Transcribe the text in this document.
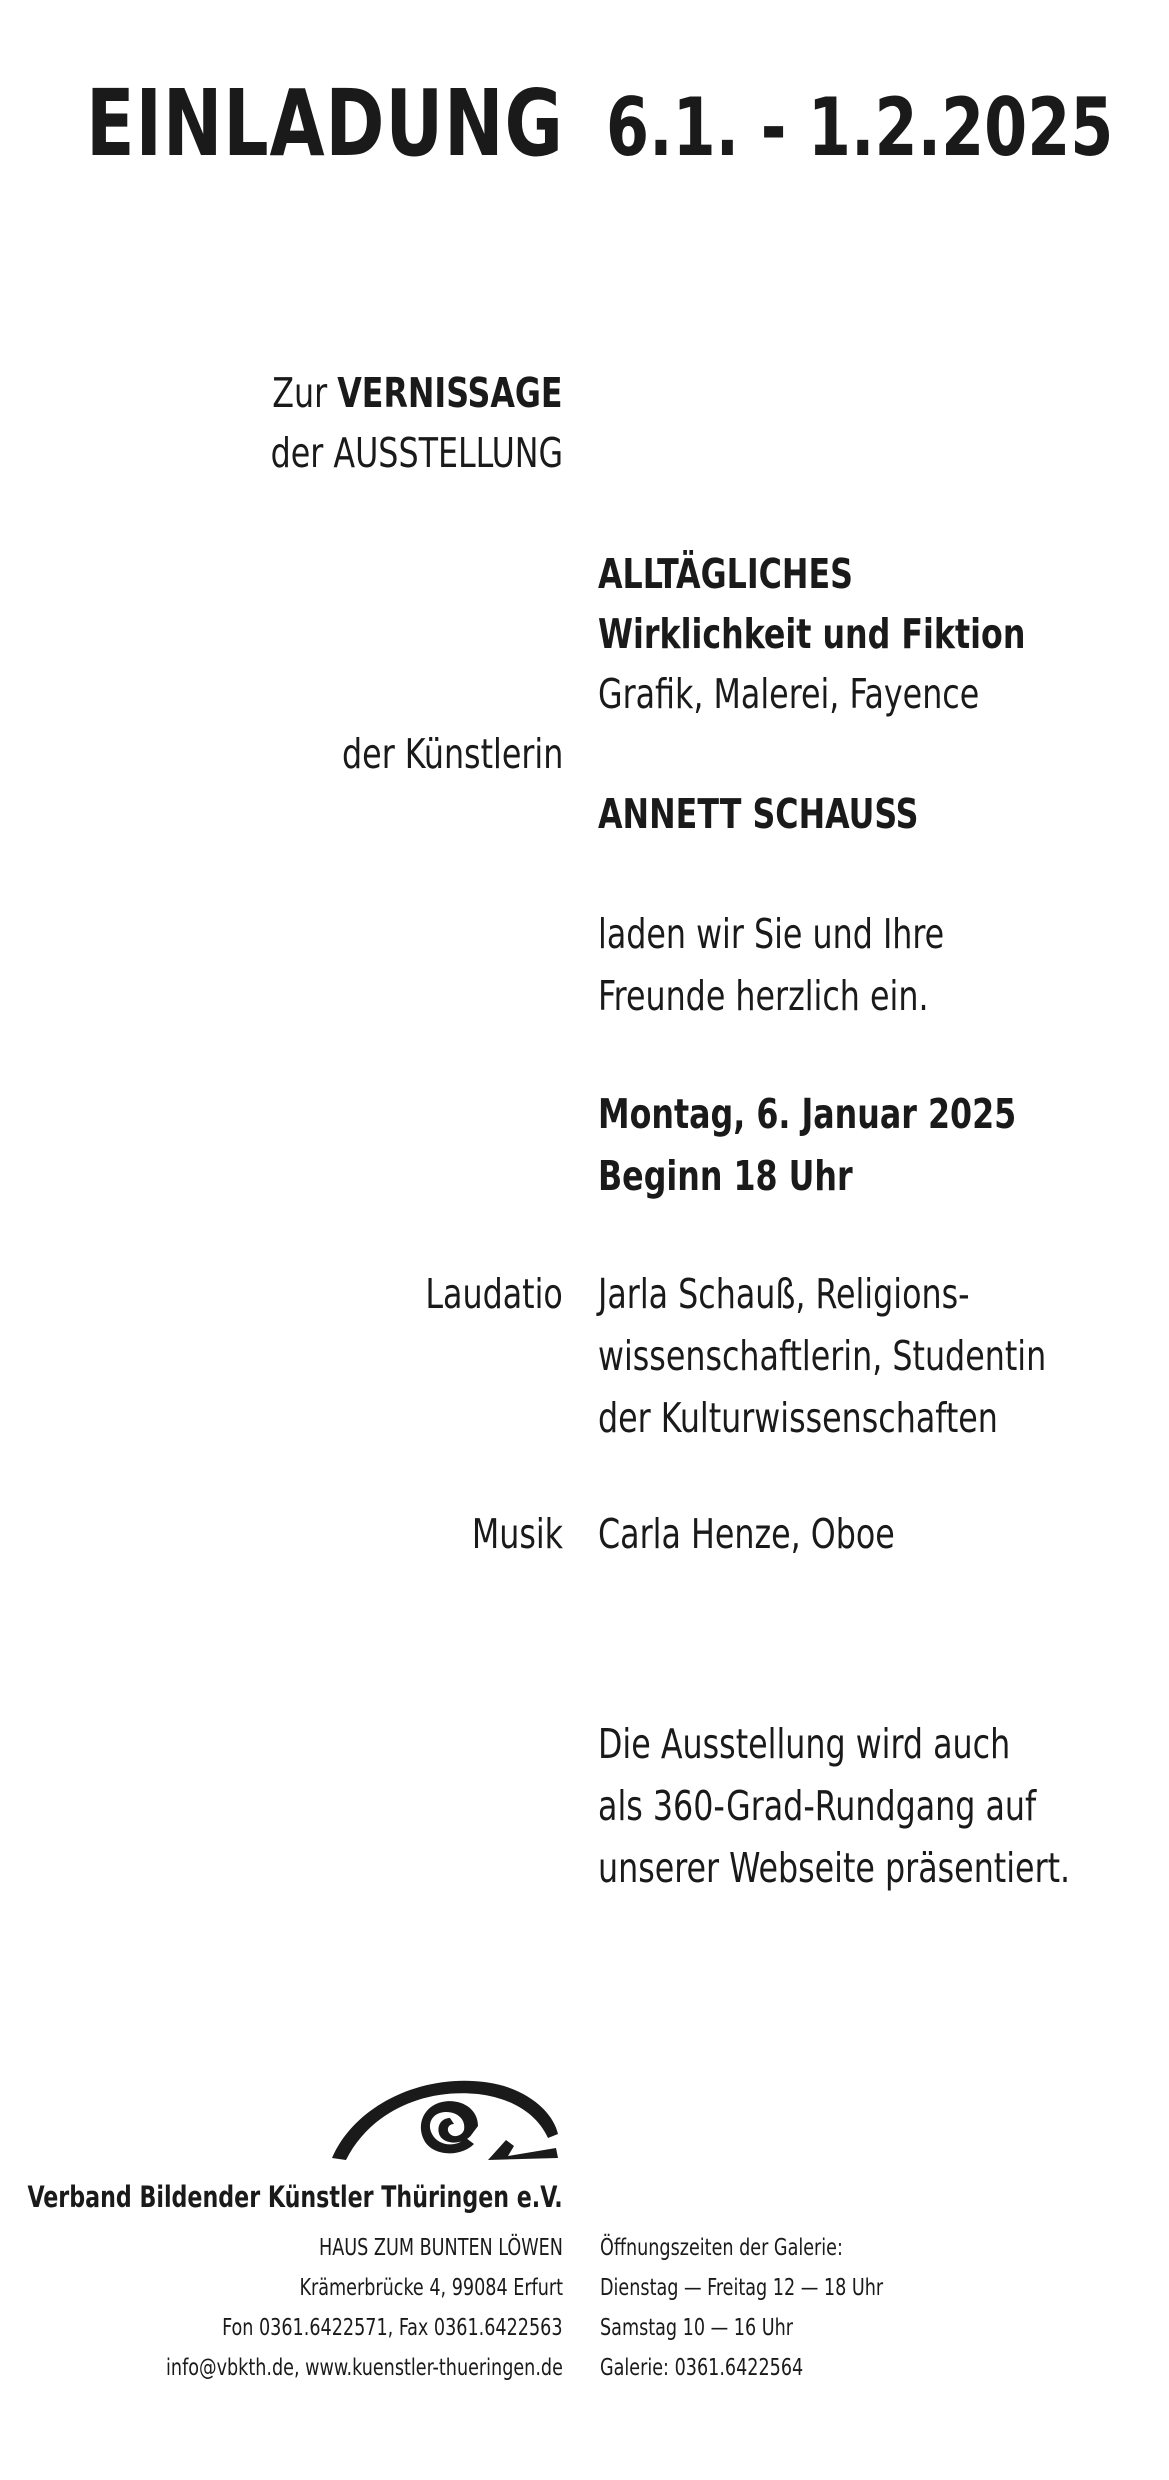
EINLADUNG 6.1. - 1.2.2025
Zur VERNISSAGE
der AUSSTELLUNG
ALLTÄGLICHES
Wirklichkeit und Fiktion
Grafik, Malerei, Fayence
der Künstlerin
ANNETT SCHAUSS
laden wir Sie und Ihre
Freunde herzlich ein.
Montag, 6. Januar 2025
Beginn 18 Uhr
Laudatio Jarla Schauß, Religions-
wissenschaftlerin, Studentin
der Kulturwissenschaften
Musik Carla Henze, Oboe
Die Ausstellung wird auch
als 360-Grad-Rundgang auf
unserer Webseite präsentiert.
Verband Bildender Künstler Thüringen e.V.
HAUS ZUM BUNTEN LÖWEN
Krämerbrücke 4, 99084 Erfurt
Fon 0361.6422571, Fax 0361.6422563
info@vbkth.de, www.kuenstler-thueringen.de
Öffnungszeiten der Galerie:
Dienstag — Freitag 12 — 18 Uhr
Samstag 10 — 16 Uhr
Galerie: 0361.6422564
